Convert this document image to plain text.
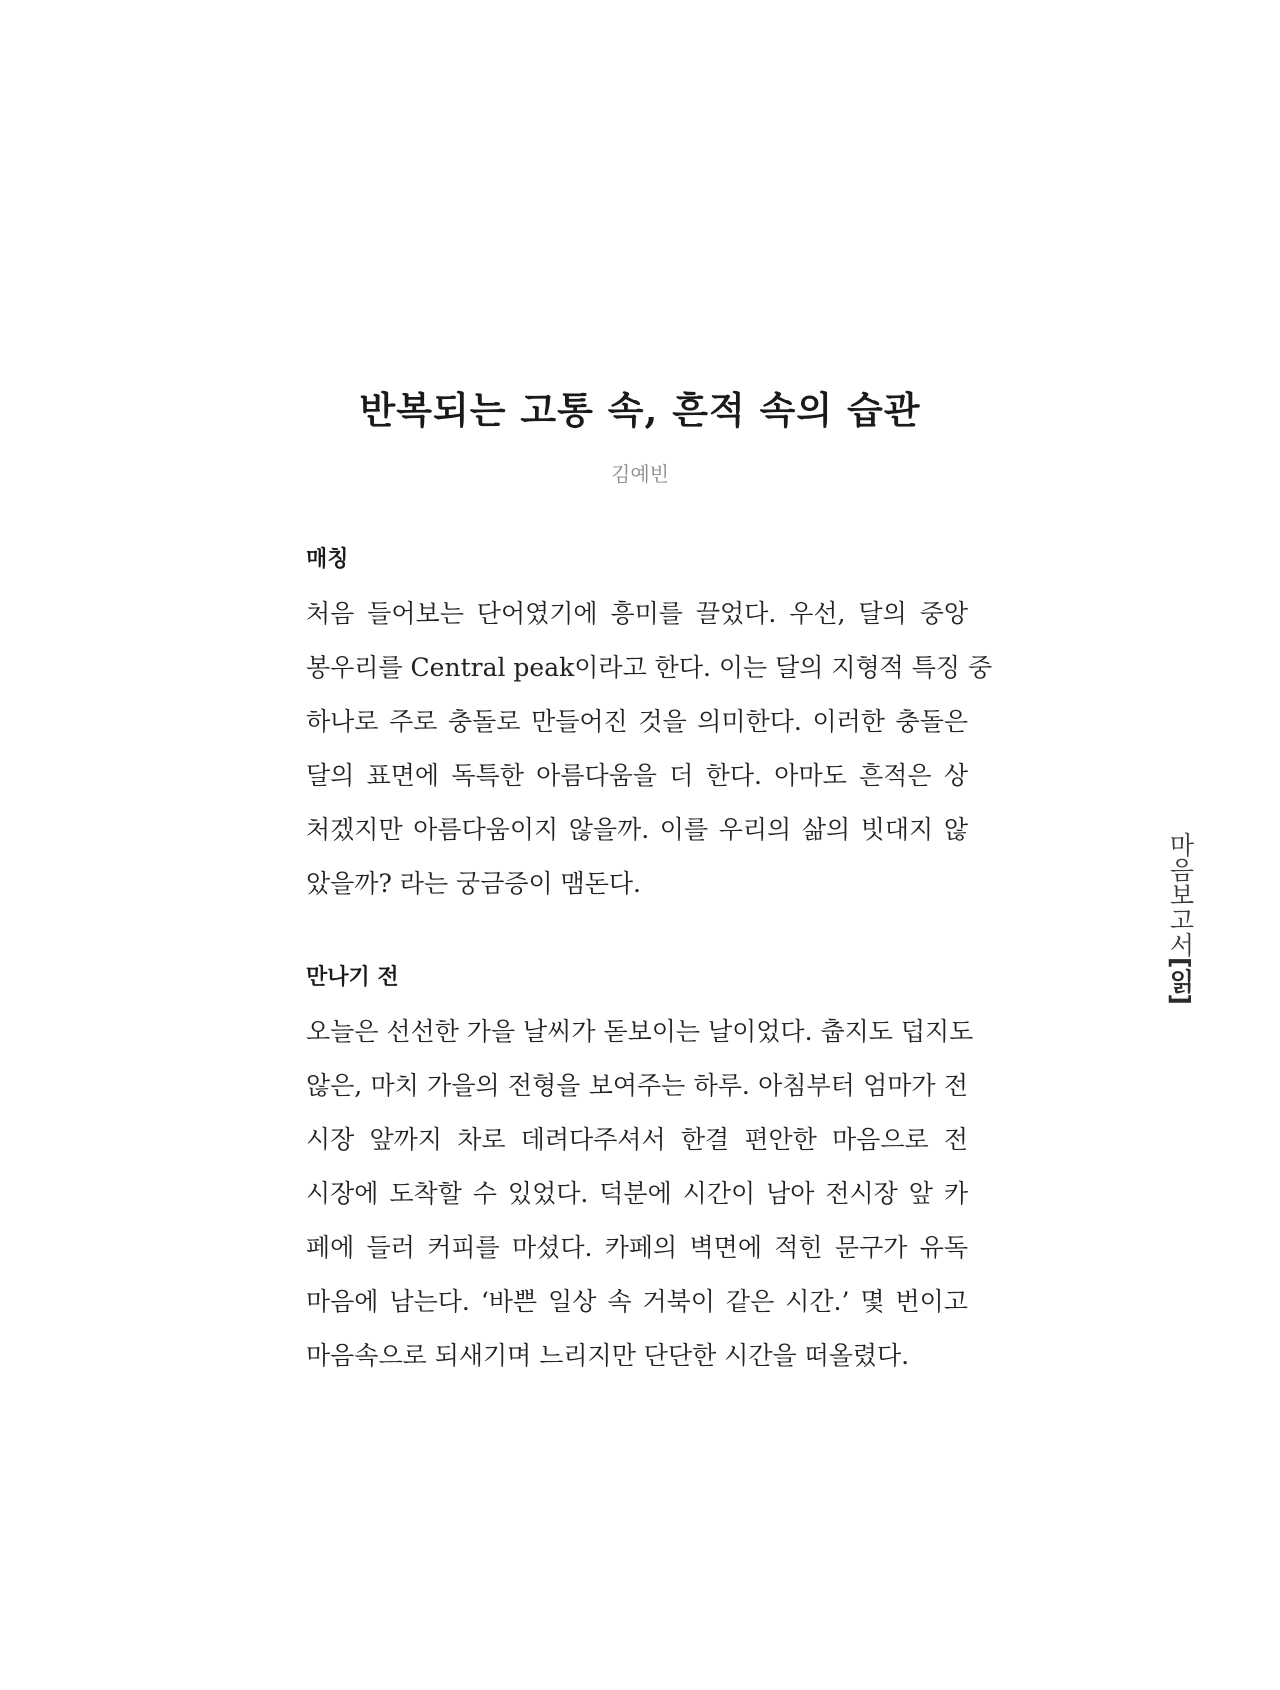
반복되는 고통 속, 흔적 속의 습관
김예빈
매칭
처음 들어보는 단어였기에 흥미를 끌었다. 우선, 달의 중앙
봉우리를 Central peak이라고 한다. 이는 달의 지형적 특징 중
하나로 주로 충돌로 만들어진 것을 의미한다. 이러한 충돌은
달의 표면에 독특한 아름다움을 더 한다. 아마도 흔적은 상
처겠지만 아름다움이지 않을까. 이를 우리의 삶의 빗대지 않
았을까? 라는 궁금증이 맴돈다.
만나기 전
오늘은 선선한 가을 날씨가 돋보이는 날이었다. 춥지도 덥지도
않은, 마치 가을의 전형을 보여주는 하루. 아침부터 엄마가 전
시장 앞까지 차로 데려다주셔서 한결 편안한 마음으로 전
시장에 도착할 수 있었다. 덕분에 시간이 남아 전시장 앞 카
페에 들러 커피를 마셨다. 카페의 벽면에 적힌 문구가 유독
마음에 남는다. ‘바쁜 일상 속 거북이 같은 시간.’ 몇 번이고
마음속으로 되새기며 느리지만 단단한 시간을 떠올렸다.
마음보고서[읽]
